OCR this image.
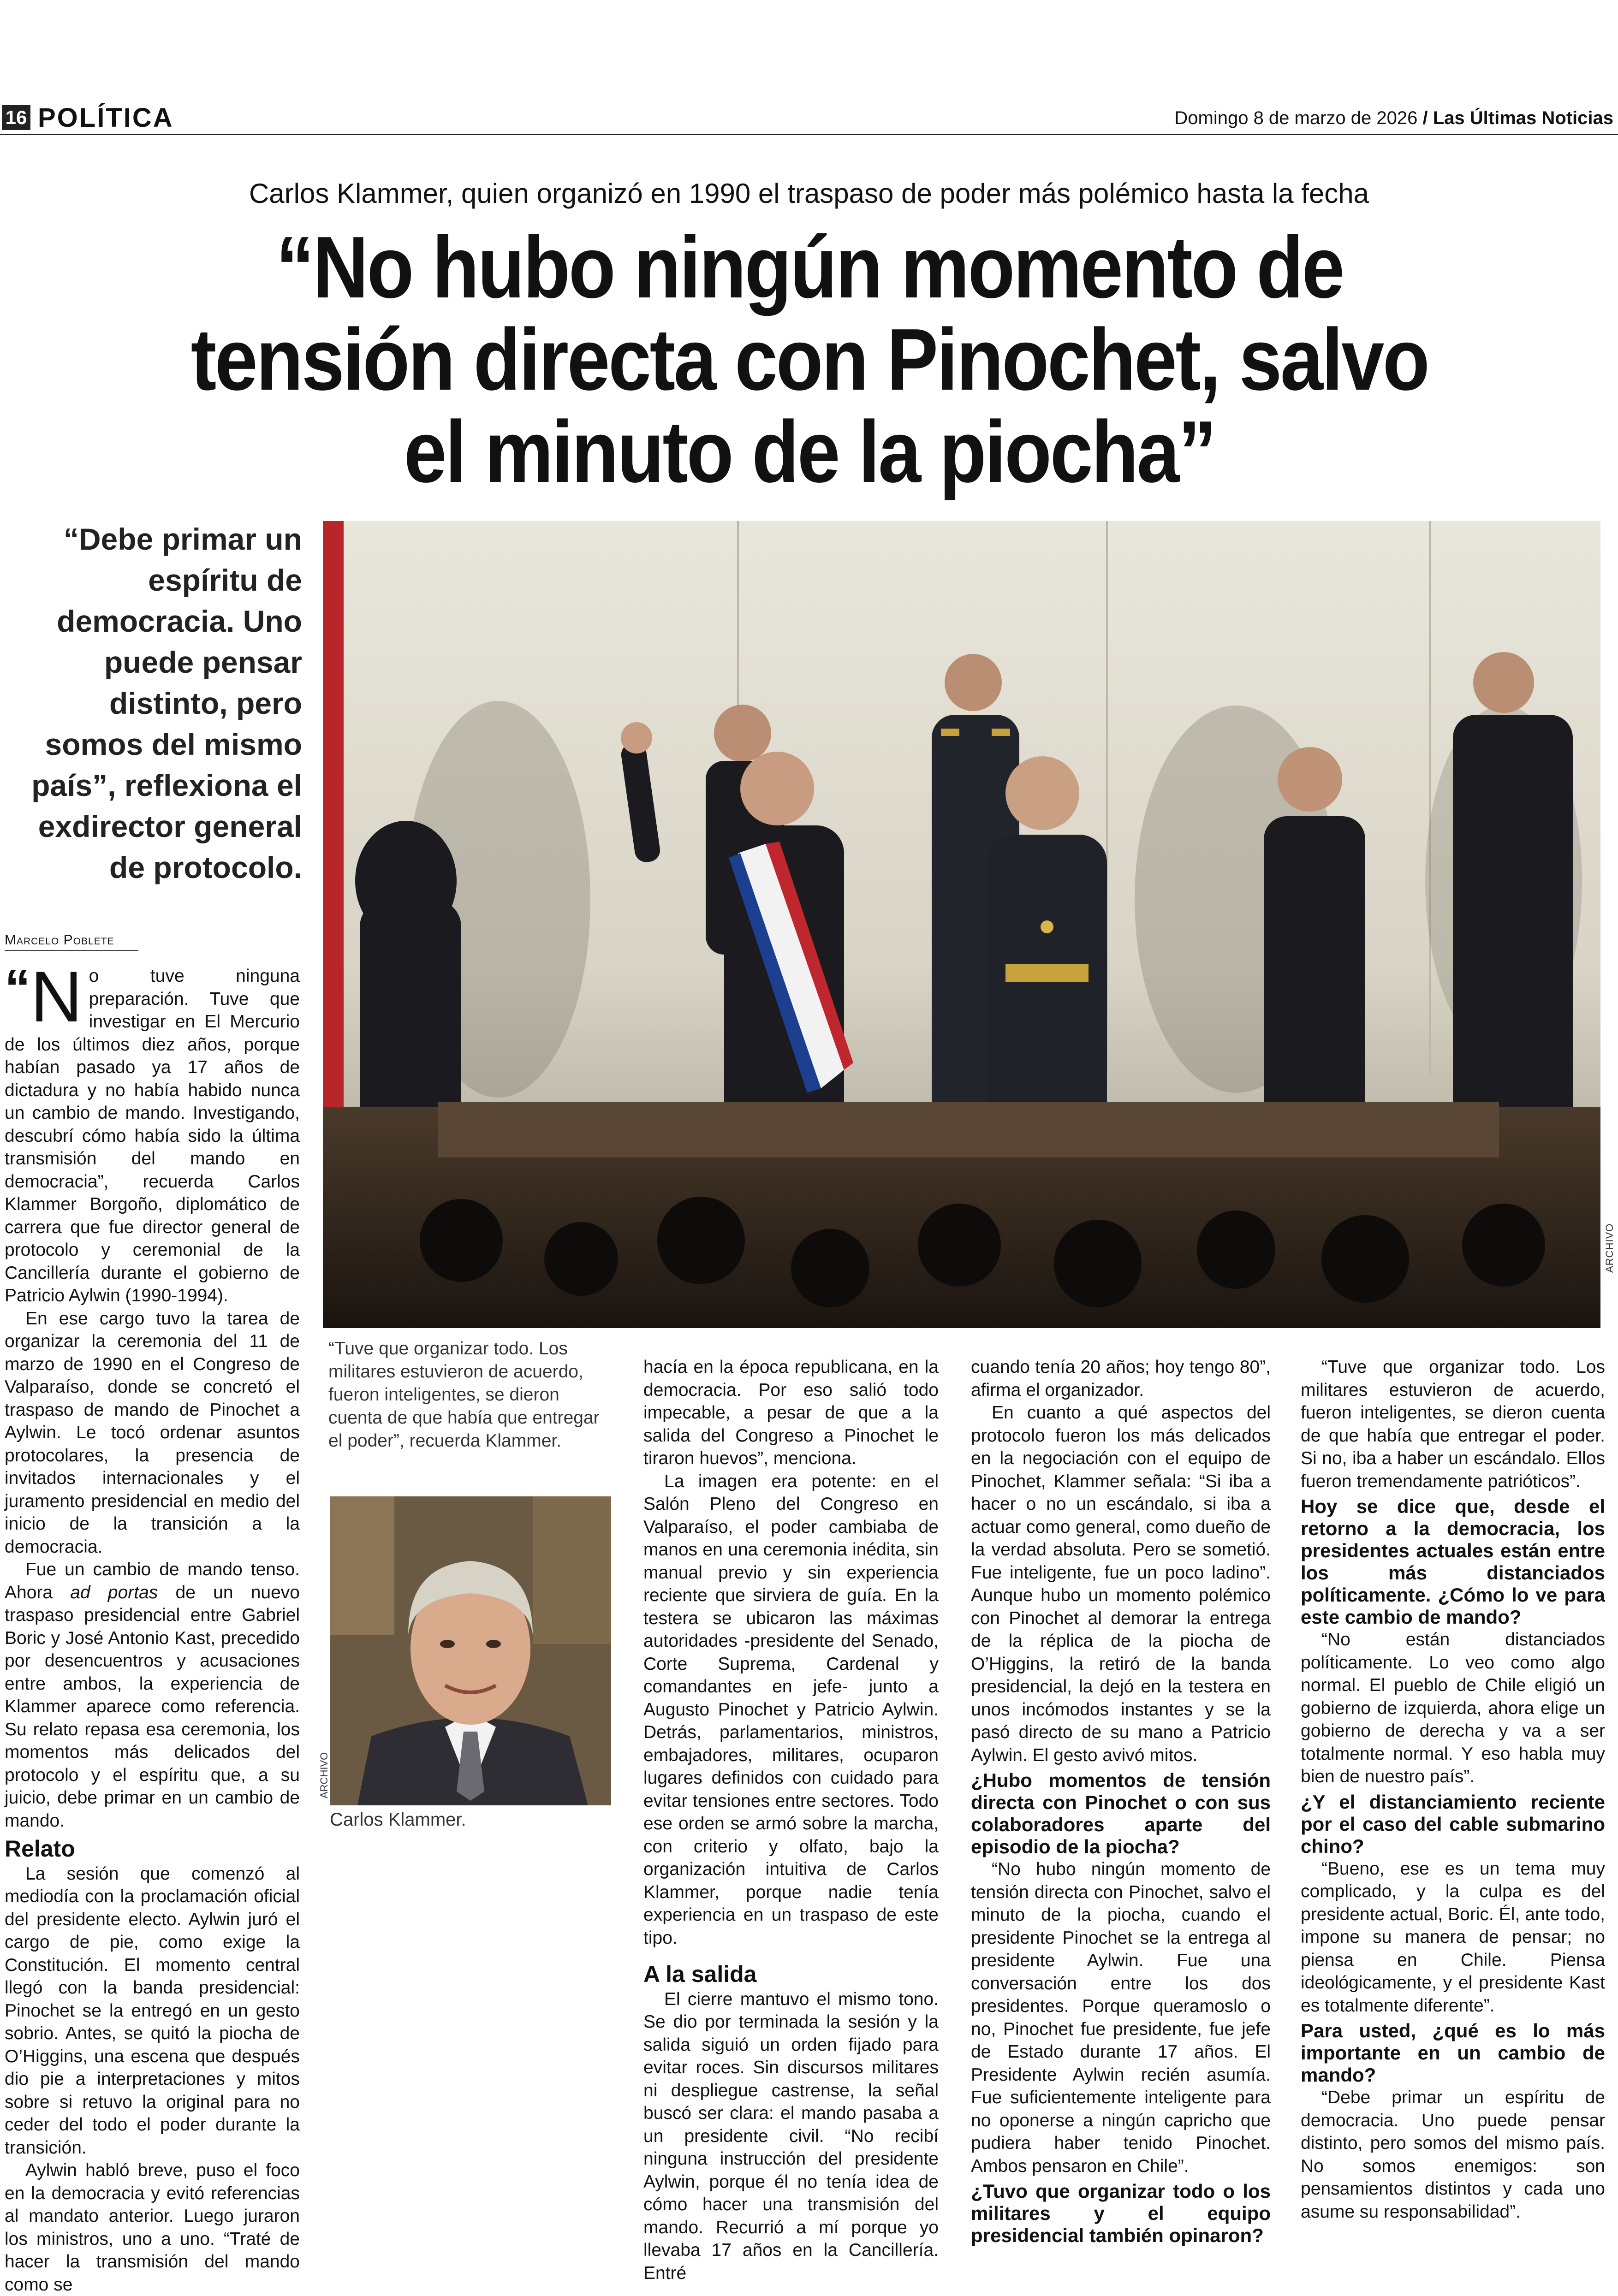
16 POLÍTICA	Domingo 8 de marzo de 2026 / Las Últimas Noticias
Carlos Klammer, quien organizó en 1990 el traspaso de poder más polémico hasta la fecha
“No hubo ningún momento de tensión directa con Pinochet, salvo el minuto de la piocha”
“Debe primar un espíritu de democracia. Uno puede pensar distinto, pero somos del mismo país”, reflexiona el exdirector general de protocolo.
ARCHIVO
Marcelo Poblete

“N o tuve ninguna preparación. Tuve que investigar en El Mercurio de los últimos diez años, porque habían pasado ya 17 años de dictadura y no había habido nunca un cambio de mando. Investigando, descubrí cómo había sido la última transmisión del mando en democracia”, recuerda Carlos Klammer Borgoño, diplomático de carrera que fue director general de protocolo y ceremonial de la Cancillería durante el gobierno de Patricio Aylwin (1990-1994).

En ese cargo tuvo la tarea de organizar la ceremonia del 11 de marzo de 1990 en el Congreso de Valparaíso, donde se concretó el traspaso de mando de Pinochet a Aylwin. Le tocó ordenar asuntos protocolares, la presencia de invitados internacionales y el juramento presidencial en medio del inicio de la transición a la democracia.

Fue un cambio de mando tenso. Ahora ad portas de un nuevo traspaso presidencial entre Gabriel Boric y José Antonio Kast, precedido por desencuentros y acusaciones entre ambos, la experiencia de Klammer aparece como referencia. Su relato repasa esa ceremonia, los momentos más delicados del protocolo y el espíritu que, a su juicio, debe primar en un cambio de mando.

Relato

La sesión que comenzó al mediodía con la proclamación oficial del presidente electo. Aylwin juró el cargo de pie, como exige la Constitución. El momento central llegó con la banda presidencial: Pinochet se la entregó en un gesto sobrio. Antes, se quitó la piocha de O’Higgins, una escena que después dio pie a interpretaciones y mitos sobre si retuvo la original para no ceder del todo el poder durante la transición.

Aylwin habló breve, puso el foco en la democracia y evitó referencias al mandato anterior. Luego juraron los ministros, uno a uno. “Traté de hacer la transmisión del mando como se

“Tuve que organizar todo. Los militares estuvieron de acuerdo, fueron inteligentes, se dieron cuenta de que había que entregar el poder”, recuerda Klammer.
ARCHIVO
Carlos Klammer.

hacía en la época republicana, en la democracia. Por eso salió todo impecable, a pesar de que a la salida del Congreso a Pinochet le tiraron huevos”, menciona.

La imagen era potente: en el Salón Pleno del Congreso en Valparaíso, el poder cambiaba de manos en una ceremonia inédita, sin manual previo y sin experiencia reciente que sirviera de guía. En la testera se ubicaron las máximas autoridades -presidente del Senado, Corte Suprema, Cardenal y comandantes en jefe- junto a Augusto Pinochet y Patricio Aylwin. Detrás, parlamentarios, ministros, embajadores, militares, ocuparon lugares definidos con cuidado para evitar tensiones entre sectores. Todo ese orden se armó sobre la marcha, con criterio y olfato, bajo la organización intuitiva de Carlos Klammer, porque nadie tenía experiencia en un traspaso de este tipo.

A la salida

El cierre mantuvo el mismo tono. Se dio por terminada la sesión y la salida siguió un orden fijado para evitar roces. Sin discursos militares ni despliegue castrense, la señal buscó ser clara: el mando pasaba a un presidente civil. “No recibí ninguna instrucción del presidente Aylwin, porque él no tenía idea de cómo hacer una transmisión del mando. Recurrió a mí porque yo llevaba 17 años en la Cancillería. Entré

cuando tenía 20 años; hoy tengo 80”, afirma el organizador.

En cuanto a qué aspectos del protocolo fueron los más delicados en la negociación con el equipo de Pinochet, Klammer señala: “Si iba a hacer o no un escándalo, si iba a actuar como general, como dueño de la verdad absoluta. Pero se sometió. Fue inteligente, fue un poco ladino”. Aunque hubo un momento polémico con Pinochet al demorar la entrega de la réplica de la piocha de O’Higgins, la retiró de la banda presidencial, la dejó en la testera en unos incómodos instantes y se la pasó directo de su mano a Patricio Aylwin. El gesto avivó mitos.

¿Hubo momentos de tensión directa con Pinochet o con sus colaboradores aparte del episodio de la piocha?

“No hubo ningún momento de tensión directa con Pinochet, salvo el minuto de la piocha, cuando el presidente Pinochet se la entrega al presidente Aylwin. Fue una conversación entre los dos presidentes. Porque queramoslo o no, Pinochet fue presidente, fue jefe de Estado durante 17 años. El Presidente Aylwin recién asumía. Fue suficientemente inteligente para no oponerse a ningún capricho que pudiera haber tenido Pinochet. Ambos pensaron en Chile”.

¿Tuvo que organizar todo o los militares y el equipo presidencial también opinaron?

“Tuve que organizar todo. Los militares estuvieron de acuerdo, fueron inteligentes, se dieron cuenta de que había que entregar el poder. Si no, iba a haber un escándalo. Ellos fueron tremendamente patrióticos”.

Hoy se dice que, desde el retorno a la democracia, los presidentes actuales están entre los más distanciados políticamente. ¿Cómo lo ve para este cambio de mando?

“No están distanciados políticamente. Lo veo como algo normal. El pueblo de Chile eligió un gobierno de izquierda, ahora elige un gobierno de derecha y va a ser totalmente normal. Y eso habla muy bien de nuestro país”.

¿Y el distanciamiento reciente por el caso del cable submarino chino?

“Bueno, ese es un tema muy complicado, y la culpa es del presidente actual, Boric. Él, ante todo, impone su manera de pensar; no piensa en Chile. Piensa ideológicamente, y el presidente Kast es totalmente diferente”.

Para usted, ¿qué es lo más importante en un cambio de mando?

“Debe primar un espíritu de democracia. Uno puede pensar distinto, pero somos del mismo país. No somos enemigos: son pensamientos distintos y cada uno asume su responsabilidad”.
